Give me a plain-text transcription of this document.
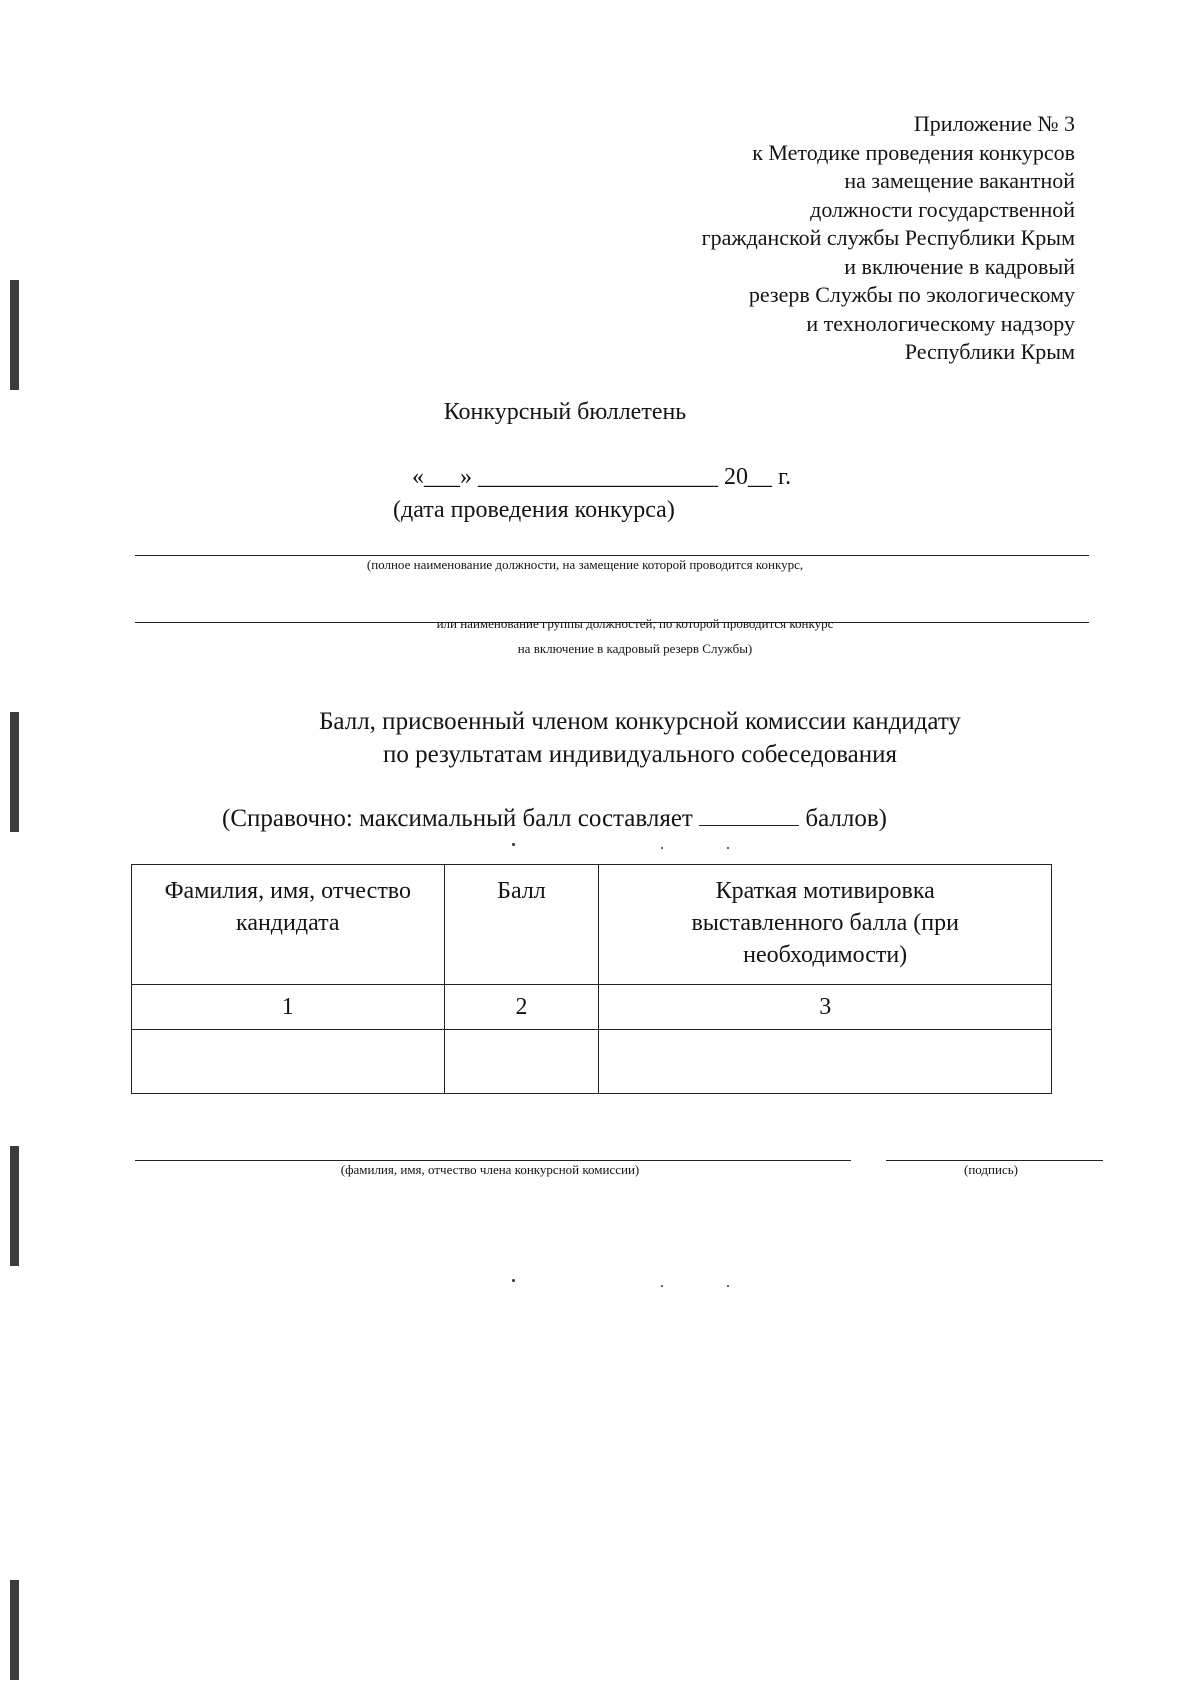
Приложение № 3
к Методике проведения конкурсов
на замещение вакантной
должности государственной
гражданской службы Республики Крым
и включение в кадровый
резерв Службы по экологическому
и технологическому надзору
Республики Крым
Конкурсный бюллетень
«___» ____________________ 20__ г.
(дата проведения конкурса)
(полное наименование должности, на замещение которой проводится конкурс,
или наименование группы должностей, по которой проводится конкурс
на включение в кадровый резерв Службы)
Балл, присвоенный членом конкурсной комиссии кандидату
по результатам индивидуального собеседования
(Справочно: максимальный балл составляет	баллов)
Фамилия, имя, отчество кандидата	Балл	Краткая мотивировка выставленного балла (при необходимости)
1	2	3

(фамилия, имя, отчество члена конкурсной комиссии)	(подпись)
